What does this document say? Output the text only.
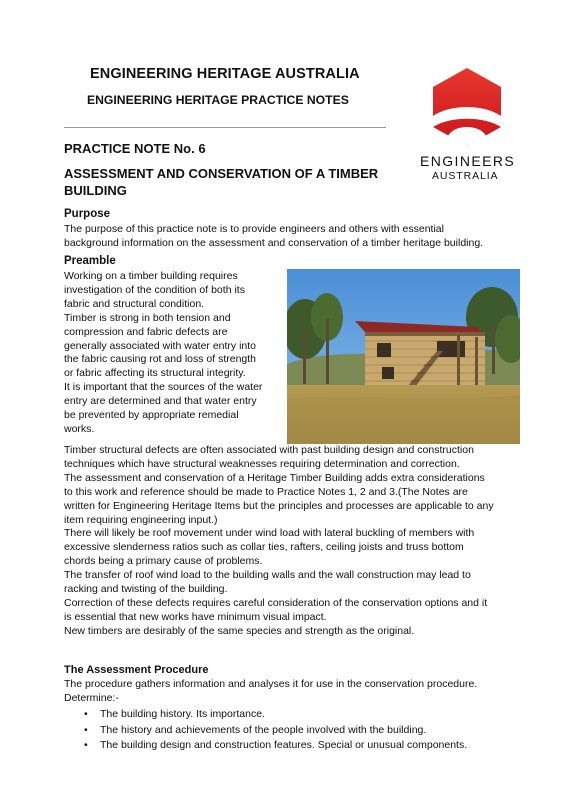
ENGINEERING HERITAGE AUSTRALIA
ENGINEERING HERITAGE PRACTICE NOTES
ENGINEERS
AUSTRALIA
PRACTICE NOTE No. 6
ASSESSMENT AND CONSERVATION OF A TIMBER
BUILDING
Purpose

The purpose of this practice note is to provide engineers and others with essential

background information on the assessment and conservation of a timber heritage building.

Preamble

Working on a timber building requires

investigation of the condition of both its

fabric and structural condition.

Timber is strong in both tension and

compression and fabric defects are

generally associated with water entry into

the fabric causing rot and loss of strength

or fabric affecting its structural integrity.

It is important that the sources of the water

entry are determined and that water entry

be prevented by appropriate remedial

works.

Timber structural defects are often associated with past building design and construction

techniques which have structural weaknesses requiring determination and correction.

The assessment and conservation of a Heritage Timber Building adds extra considerations

to this work and reference should be made to Practice Notes 1, 2 and 3.(The Notes are

written for Engineering Heritage Items but the principles and processes are applicable to any

item requiring engineering input.)

There will likely be roof movement under wind load with lateral buckling of members with

excessive slenderness ratios such as collar ties, rafters, ceiling joists and truss bottom

chords being a primary cause of problems.

The transfer of roof wind load to the building walls and the wall construction may lead to

racking and twisting of the building.

Correction of these defects requires careful consideration of the conservation options and it

is essential that new works have minimum visual impact.

New timbers are desirably of the same species and strength as the original.

The Assessment Procedure

The procedure gathers information and analyses it for use in the conservation procedure.

Determine:-

• The building history. Its importance.
• The history and achievements of the people involved with the building.
• The building design and construction features. Special or unusual components.
